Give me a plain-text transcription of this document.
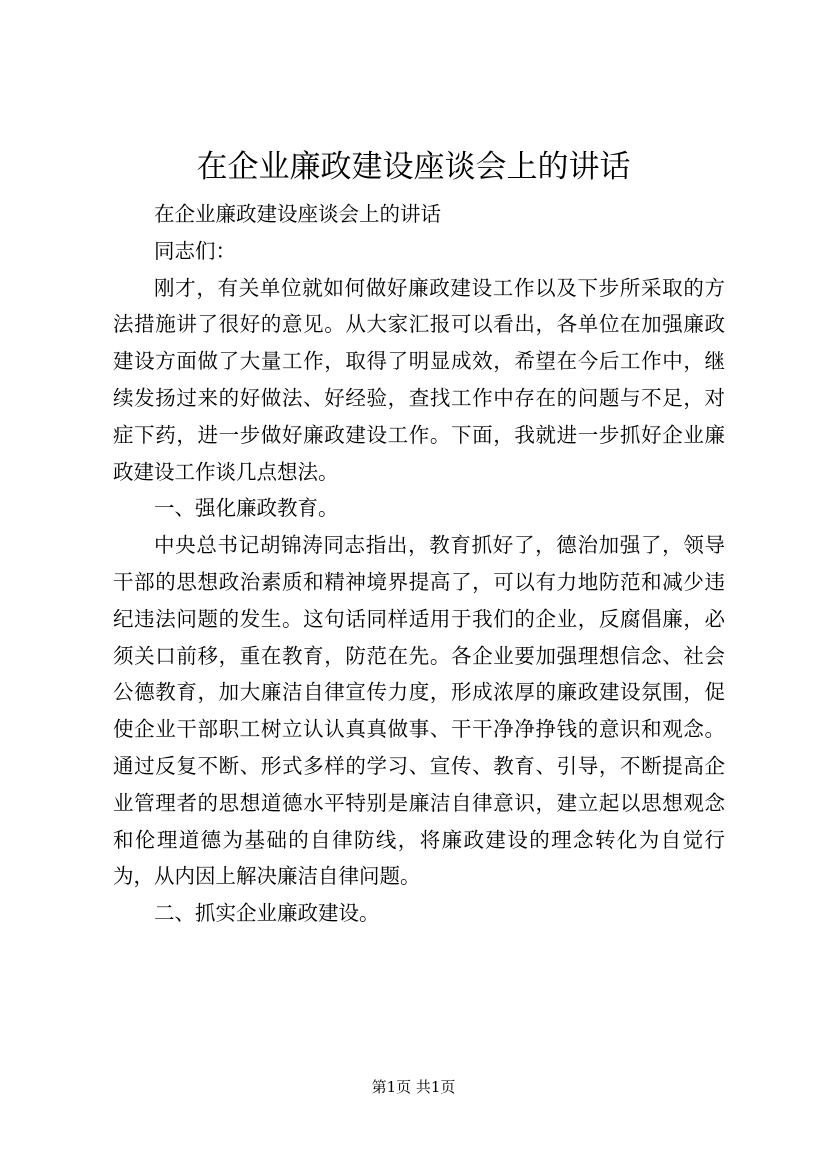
在企业廉政建设座谈会上的讲话

在企业廉政建设座谈会上的讲话

同志们：

刚才，有关单位就如何做好廉政建设工作以及下步所采取的方法措施讲了很好的意见。从大家汇报可以看出，各单位在加强廉政建设方面做了大量工作，取得了明显成效，希望在今后工作中，继续发扬过来的好做法、好经验，查找工作中存在的问题与不足，对症下药，进一步做好廉政建设工作。下面，我就进一步抓好企业廉政建设工作谈几点想法。

一、强化廉政教育。

中央总书记胡锦涛同志指出，教育抓好了，德治加强了，领导干部的思想政治素质和精神境界提高了，可以有力地防范和减少违纪违法问题的发生。这句话同样适用于我们的企业，反腐倡廉，必须关口前移，重在教育，防范在先。各企业要加强理想信念、社会公德教育，加大廉洁自律宣传力度，形成浓厚的廉政建设氛围，促使企业干部职工树立认认真真做事、干干净净挣钱的意识和观念。通过反复不断、形式多样的学习、宣传、教育、引导，不断提高企业管理者的思想道德水平特别是廉洁自律意识，建立起以思想观念和伦理道德为基础的自律防线，将廉政建设的理念转化为自觉行为，从内因上解决廉洁自律问题。

二、抓实企业廉政建设。

第1页 共1页
